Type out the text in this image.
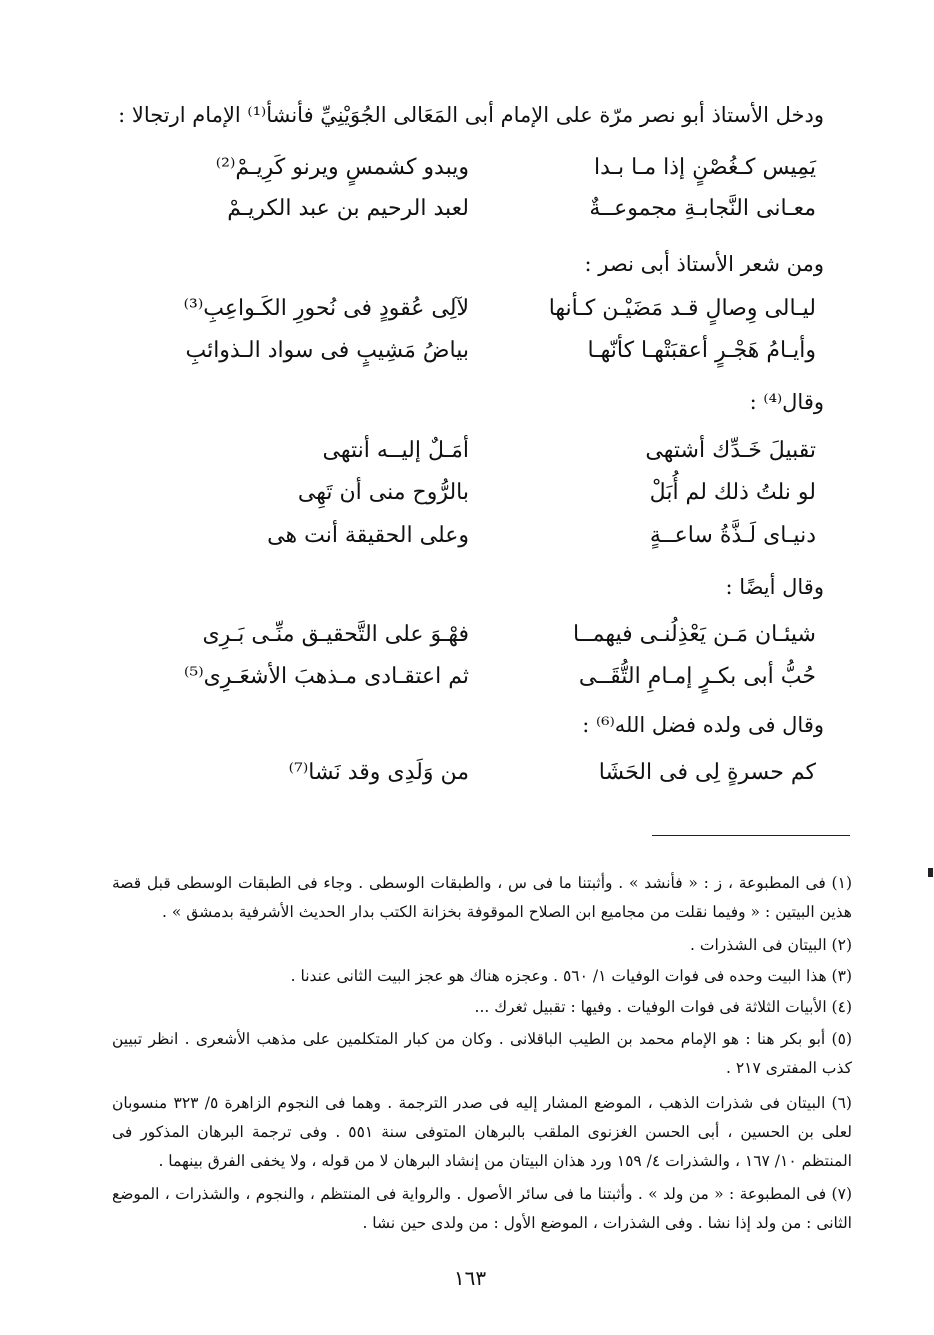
ودخل الأستاذ أبو نصر مرّة على الإمام أبى المَعَالى الجُوَيْنِيِّ فأنشأ⁽¹⁾ الإمام ارتجالا :
يَمِيس كـغُصْنٍ إذا مـا بـدا
ويبدو كشمسٍ ويرنو كَرِيـمْ⁽²⁾
معـانى النَّجابـةِ مجموعــةٌ
لعبد الرحيم بن عبد الكريـمْ
ومن شعر الأستاذ أبى نصر :
ليـالى وِصالٍ قـد مَضَيْـن كـأنها
لآلِى عُقودٍ فى نُحورِ الكَـواعِبِ⁽³⁾
وأيـامُ هَجْـرٍ أعقبَتْهـا كأنّهـا
بياضُ مَشِيبٍ فى سواد الـذوائبِ
وقال⁽⁴⁾ :
تقبيلَ خَـدِّك أشتهى
أمَـلٌ إليــه أنتهى
لو نلتُ ذلك لم أُبَلْ
بالرُّوح منى أن تَهِى
دنيـاى لَـذَّةُ ساعــةٍ
وعلى الحقيقة أنت هى
وقال أيضًا :
شيئـان مَـن يَعْذِلُنـى فيهمــا
فهْـوَ على التَّحقيـق منِّـى بَـرِى
حُبُّ أبى بكـرٍ إمـامِ التُّقَــى
ثم اعتقـادى مـذهبَ الأشعَـرِى⁽⁵⁾
وقال فى ولده فضل الله⁽⁶⁾ :
كم حسرةٍ لِى فى الحَشَا
من وَلَدِى وقد نَشا⁽⁷⁾
(١) فى المطبوعة ، ز : « فأنشد » . وأثبتنا ما فى س ، والطبقات الوسطى . وجاء فى الطبقات الوسطى قبل قصة هذين البيتين : « وفيما نقلت من مجاميع ابن الصلاح الموقوفة بخزانة الكتب بدار الحديث الأشرفية بدمشق » .
(٢) البيتان فى الشذرات .
(٣) هذا البيت وحده فى فوات الوفيات ١/ ٥٦٠ . وعجزه هناك هو عجز البيت الثانى عندنا .
(٤) الأبيات الثلاثة فى فوات الوفيات . وفيها : تقبيل ثغرك ...
(٥) أبو بكر هنا : هو الإمام محمد بن الطيب الباقلانى . وكان من كبار المتكلمين على مذهب الأشعرى . انظر تبيين كذب المفترى ٢١٧ .
(٦) البيتان فى شذرات الذهب ، الموضع المشار إليه فى صدر الترجمة . وهما فى النجوم الزاهرة ٥/ ٣٢٣ منسوبان لعلى بن الحسين ، أبى الحسن الغزنوى الملقب بالبرهان المتوفى سنة ٥٥١ . وفى ترجمة البرهان المذكور فى المنتظم ١٠/ ١٦٧ ، والشذرات ٤/ ١٥٩ ورد هذان البيتان من إنشاد البرهان لا من قوله ، ولا يخفى الفرق بينهما .
(٧) فى المطبوعة : « من ولد » . وأثبتنا ما فى سائر الأصول . والرواية فى المنتظم ، والنجوم ، والشذرات ، الموضع الثانى : من ولد إذا نشا . وفى الشذرات ، الموضع الأول : من ولدى حين نشا .
١٦٣
